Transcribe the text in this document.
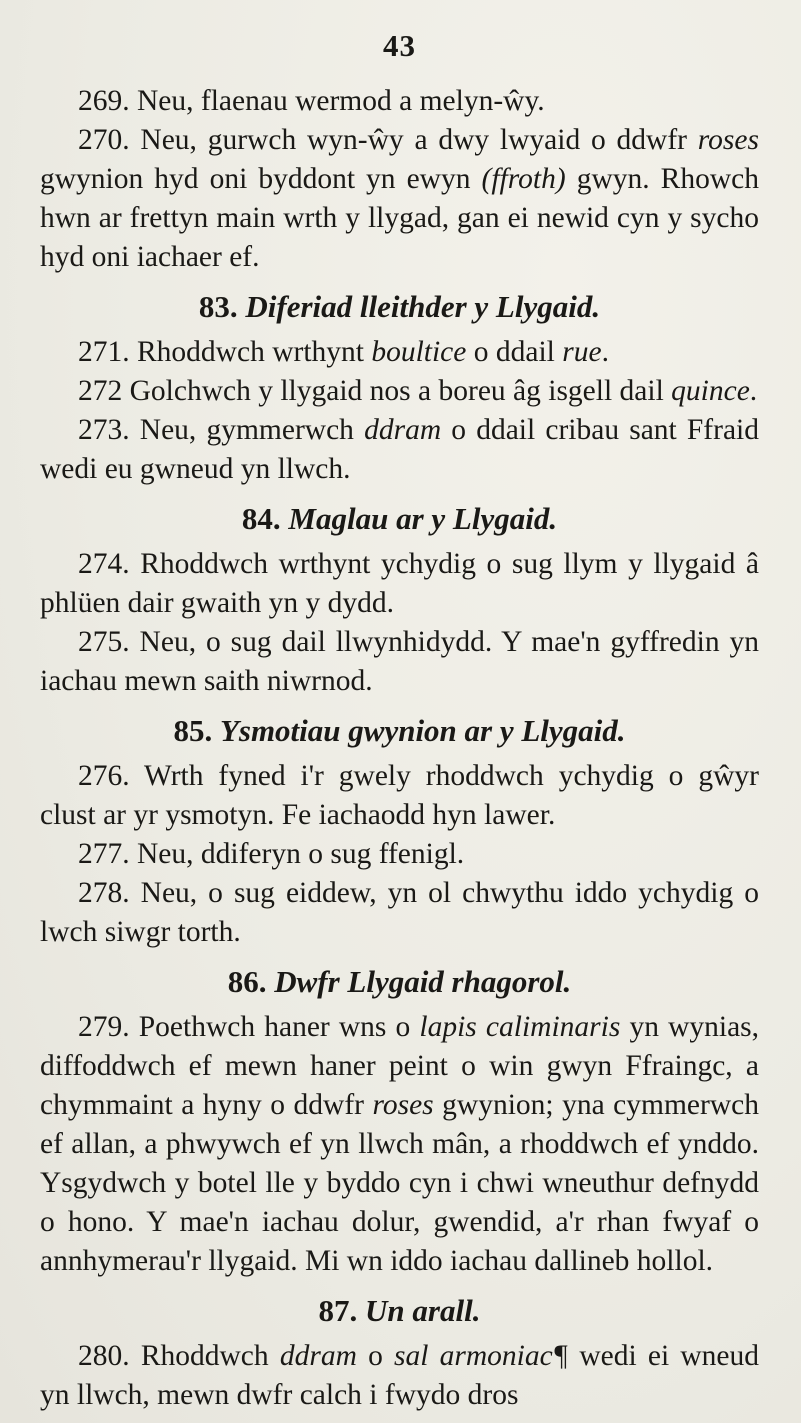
43

269. Neu, flaenau wermod a melyn-ŵy.

270. Neu, gurwch wyn-ŵy a dwy lwyaid o ddwfr roses gwynion hyd oni byddont yn ewyn (ffroth) gwyn. Rhowch hwn ar frettyn main wrth y llygad, gan ei newid cyn y sycho hyd oni iachaer ef.

83. Diferiad lleithder y Llygaid.

271. Rhoddwch wrthynt boultice o ddail rue.

272 Golchwch y llygaid nos a boreu âg isgell dail quince.

273. Neu, gymmerwch ddram o ddail cribau sant Ffraid wedi eu gwneud yn llwch.

84. Maglau ar y Llygaid.

274. Rhoddwch wrthynt ychydig o sug llym y llygaid â phlüen dair gwaith yn y dydd.

275. Neu, o sug dail llwynhidydd. Y mae'n gyffredin yn iachau mewn saith niwrnod.

85. Ysmotiau gwynion ar y Llygaid.

276. Wrth fyned i'r gwely rhoddwch ychydig o gŵyr clust ar yr ysmotyn. Fe iachaodd hyn lawer.

277. Neu, ddiferyn o sug ffenigl.

278. Neu, o sug eiddew, yn ol chwythu iddo ychydig o lwch siwgr torth.

86. Dwfr Llygaid rhagorol.

279. Poethwch haner wns o lapis caliminaris yn wynias, diffoddwch ef mewn haner peint o win gwyn Ffraingc, a chymmaint a hyny o ddwfr roses gwynion; yna cymmerwch ef allan, a phwywch ef yn llwch mân, a rhoddwch ef ynddo. Ysgydwch y botel lle y byddo cyn i chwi wneuthur defnydd o hono. Y mae'n iachau dolur, gwendid, a'r rhan fwyaf o annhymerau'r llygaid. Mi wn iddo iachau dallineb hollol.

87. Un arall.

280. Rhoddwch ddram o sal armoniac¶ wedi ei wneud yn llwch, mewn dwfr calch i fwydo dros
